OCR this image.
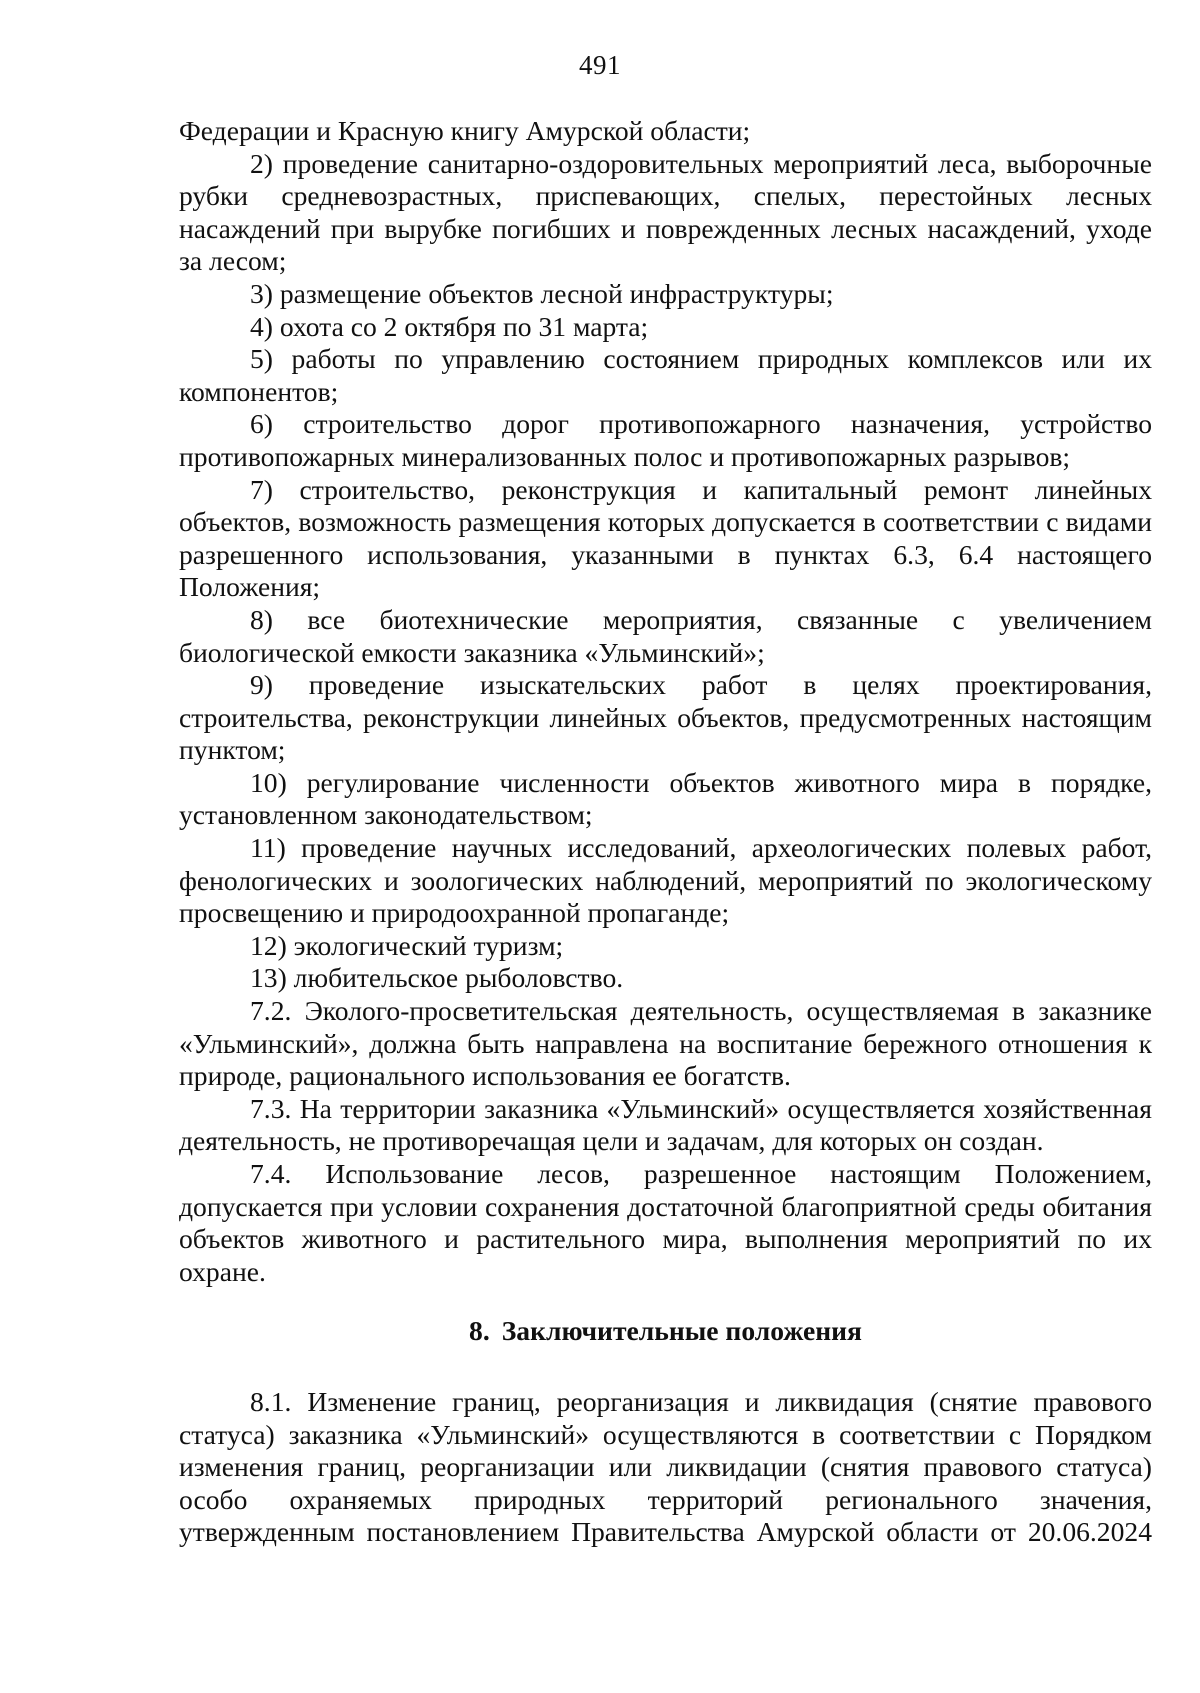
491

Федерации и Красную книгу Амурской области;

2) проведение санитарно-оздоровительных мероприятий леса, выборочные рубки средневозрастных, приспевающих, спелых, перестойных лесных насаждений при вырубке погибших и поврежденных лесных насаждений, уходе за лесом;

3) размещение объектов лесной инфраструктуры;

4) охота со 2 октября по 31 марта;

5) работы по управлению состоянием природных комплексов или их компонентов;

6) строительство дорог противопожарного назначения, устройство противопожарных минерализованных полос и противопожарных разрывов;

7) строительство, реконструкция и капитальный ремонт линейных объектов, возможность размещения которых допускается в соответствии с видами разрешенного использования, указанными в пунктах 6.3, 6.4 настоящего Положения;

8) все биотехнические мероприятия, связанные с увеличением биологической емкости заказника «Ульминский»;

9) проведение изыскательских работ в целях проектирования, строительства, реконструкции линейных объектов, предусмотренных настоящим пунктом;

10) регулирование численности объектов животного мира в порядке, установленном законодательством;

11) проведение научных исследований, археологических полевых работ, фенологических и зоологических наблюдений, мероприятий по экологическому просвещению и природоохранной пропаганде;

12) экологический туризм;

13) любительское рыболовство.

7.2. Эколого-просветительская деятельность, осуществляемая в заказнике «Ульминский», должна быть направлена на воспитание бережного отношения к природе, рационального использования ее богатств.

7.3. На территории заказника «Ульминский» осуществляется хозяйственная деятельность, не противоречащая цели и задачам, для которых он создан.

7.4. Использование лесов, разрешенное настоящим Положением, допускается при условии сохранения достаточной благоприятной среды обитания объектов животного и растительного мира, выполнения мероприятий по их охране.

8. Заключительные положения

8.1. Изменение границ, реорганизация и ликвидация (снятие правового статуса) заказника «Ульминский» осуществляются в соответствии с Порядком изменения границ, реорганизации или ликвидации (снятия правового статуса) особо охраняемых природных территорий регионального значения, утвержденным постановлением Правительства Амурской области от 20.06.2024
